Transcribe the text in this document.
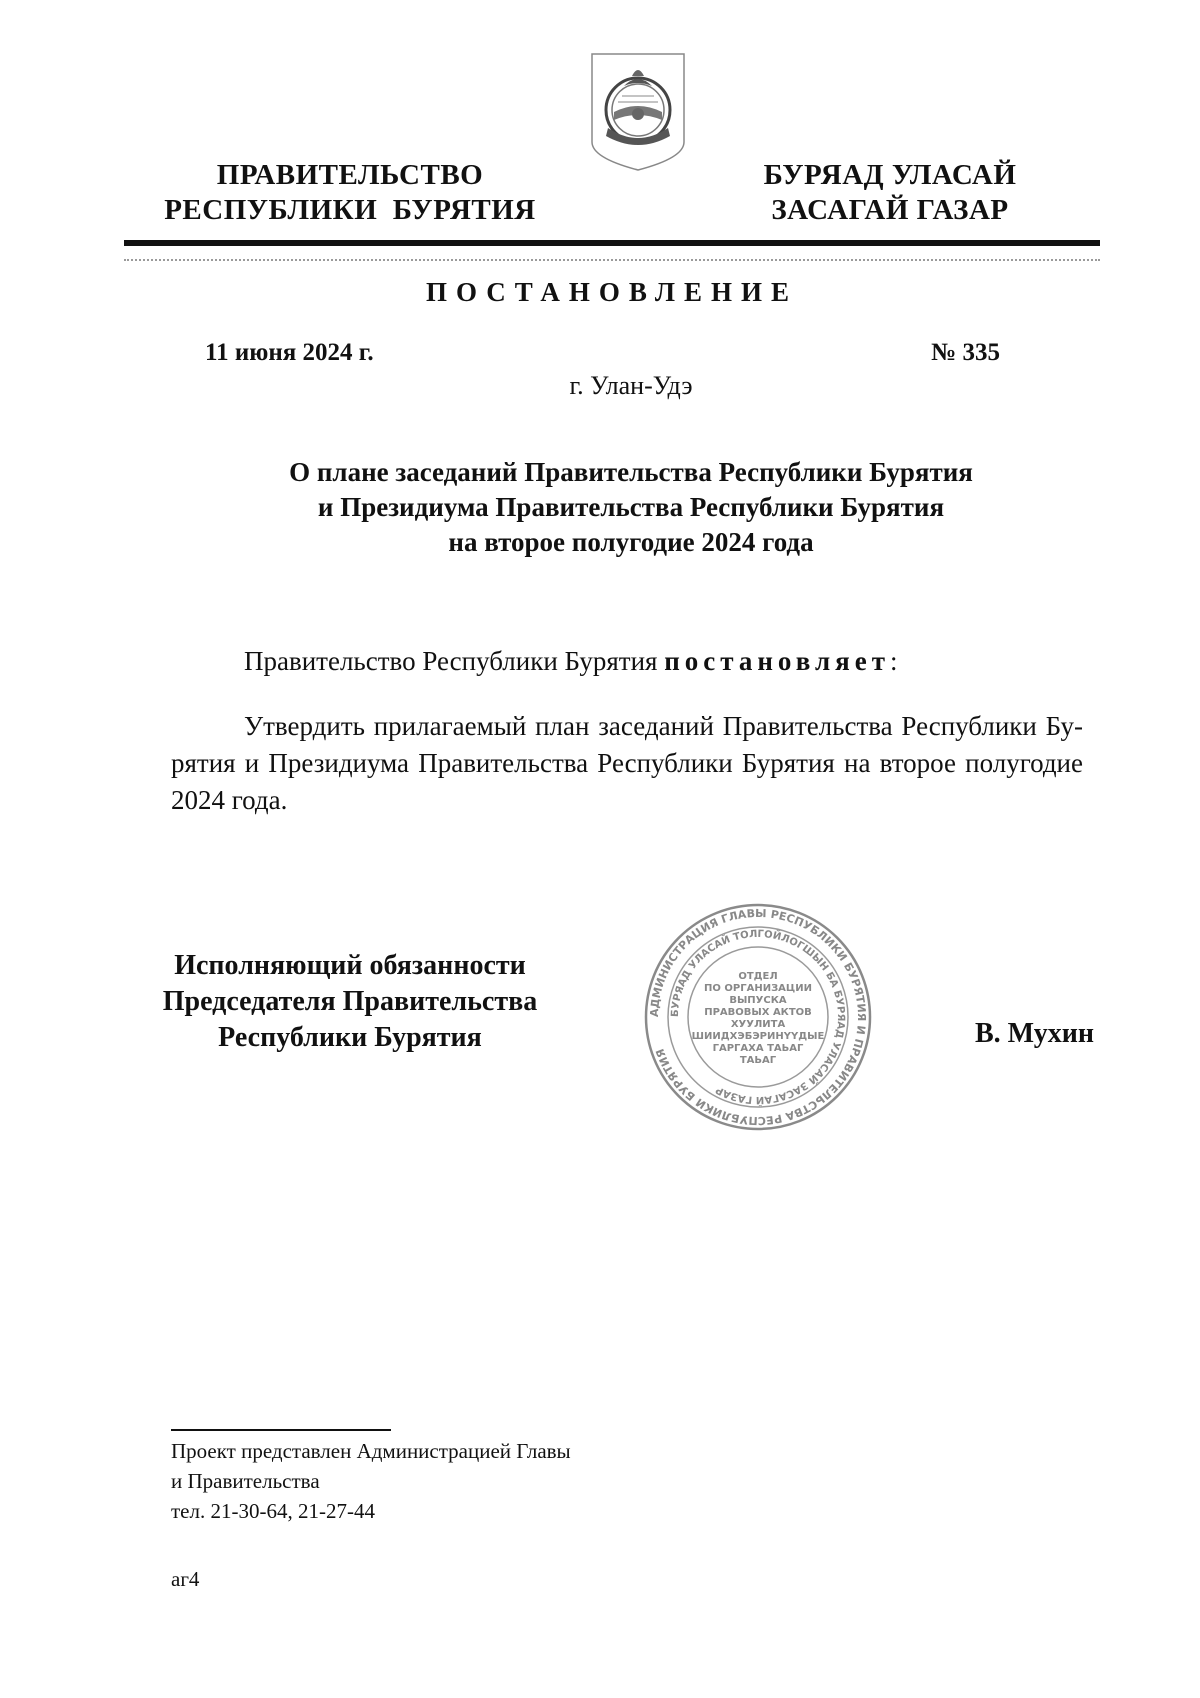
ПРАВИТЕЛЬСТВО
РЕСПУБЛИКИ  БУРЯТИЯ
БУРЯАД УЛАСАЙ
ЗАСАГАЙ ГАЗАР
ПОСТАНОВЛЕНИЕ
11 июня 2024 г.	№ 335
г. Улан-Удэ
О плане заседаний Правительства Республики Бурятия
и Президиума Правительства Республики Бурятия
на второе полугодие 2024 года
Правительство Республики Бурятия постановляет:
Утвердить прилагаемый план заседаний Правительства Республики Бурятия и Президиума Правительства Республики Бурятия на второе полугодие 2024 года.
Исполняющий обязанности
Председателя Правительства
Республики Бурятия
АДМИНИСТРАЦИЯ ГЛАВЫ РЕСПУБЛИКИ БУРЯТИЯ И ПРАВИТЕЛЬСТВА РЕСПУБЛИКИ БУРЯТИЯ
БУРЯАД УЛАСАЙ ТОЛГОЙЛОГШЫН БА БУРЯАД УЛАСАЙ ЗАСАГАЙ ГАЗАР
ОТДЕЛ
ПО ОРГАНИЗАЦИИ
ВЫПУСКА
ПРАВОВЫХ АКТОВ
ХУУЛИТА
ШИИДХЭБЭРИНҮҮДЫЕ
ГАРГАХА ТАЬАГ
ТАЬАГ
В. Мухин
Проект представлен Администрацией Главы
и Правительства
тел. 21-30-64, 21-27-44
аг4
